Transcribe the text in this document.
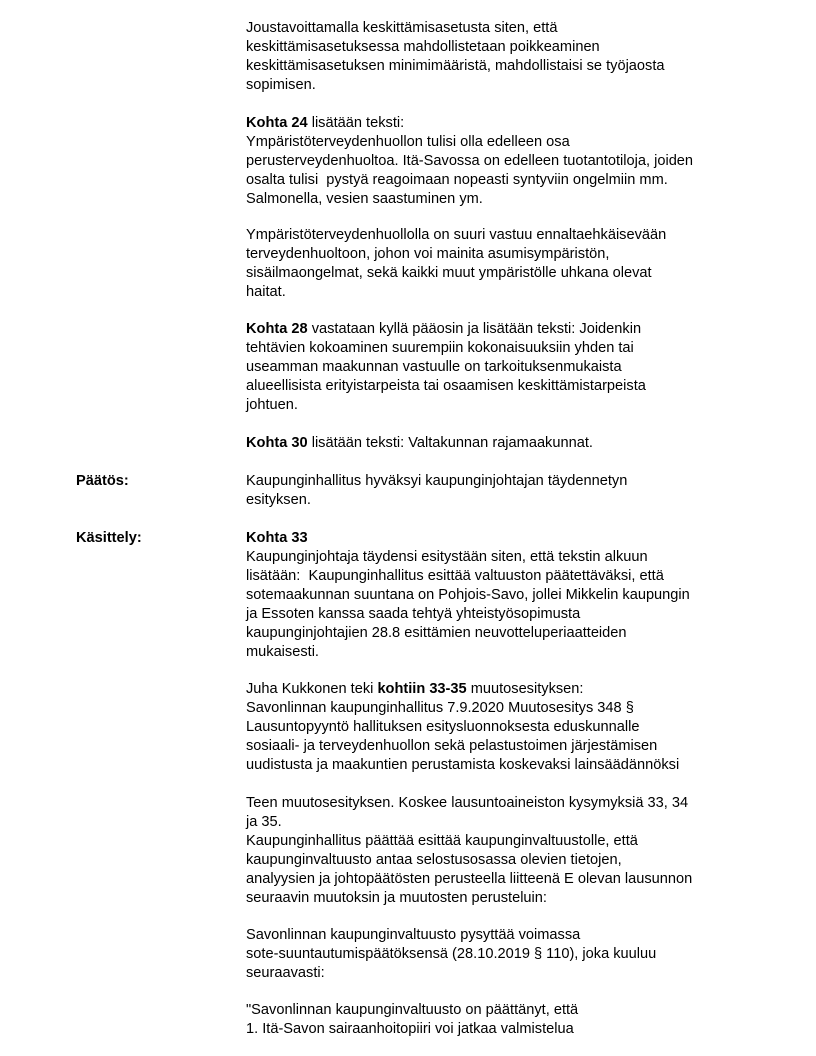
Joustavoittamalla keskittämisasetusta siten, että
keskittämisasetuksessa mahdollistetaan poikkeaminen
keskittämisasetuksen minimimääristä, mahdollistaisi se työjaosta
sopimisen.
Kohta 24 lisätään teksti:
Ympäristöterveydenhuollon tulisi olla edelleen osa
perusterveydenhuoltoa. Itä-Savossa on edelleen tuotantotiloja, joiden
osalta tulisi  pystyä reagoimaan nopeasti syntyviin ongelmiin mm.
Salmonella, vesien saastuminen ym.
Ympäristöterveydenhuollolla on suuri vastuu ennaltaehkäisevään
terveydenhuoltoon, johon voi mainita asumisympäristön,
sisäilmaongelmat, sekä kaikki muut ympäristölle uhkana olevat
haitat.
Kohta 28 vastataan kyllä pääosin ja lisätään teksti: Joidenkin
tehtävien kokoaminen suurempiin kokonaisuuksiin yhden tai
useamman maakunnan vastuulle on tarkoituksenmukaista
alueellisista erityistarpeista tai osaamisen keskittämistarpeista
johtuen.
Kohta 30 lisätään teksti: Valtakunnan rajamaakunnat.
Päätös:	Kaupunginhallitus hyväksyi kaupunginjohtajan täydennetyn
esityksen.
Käsittely:	Kohta 33
Kaupunginjohtaja täydensi esitystään siten, että tekstin alkuun
lisätään:  Kaupunginhallitus esittää valtuuston päätettäväksi, että
sotemaakunnan suuntana on Pohjois-Savo, jollei Mikkelin kaupungin
ja Essoten kanssa saada tehtyä yhteistyösopimusta
kaupunginjohtajien 28.8 esittämien neuvotteluperiaatteiden
mukaisesti.
Juha Kukkonen teki kohtiin 33-35 muutosesityksen:
Savonlinnan kaupunginhallitus 7.9.2020 Muutosesitys 348 §
Lausuntopyyntö hallituksen esitysluonnoksesta eduskunnalle
sosiaali- ja terveydenhuollon sekä pelastustoimen järjestämisen
uudistusta ja maakuntien perustamista koskevaksi lainsäädännöksi
Teen muutosesityksen. Koskee lausuntoaineiston kysymyksiä 33, 34
ja 35.
Kaupunginhallitus päättää esittää kaupunginvaltuustolle, että
kaupunginvaltuusto antaa selostusosassa olevien tietojen,
analyysien ja johtopäätösten perusteella liitteenä E olevan lausunnon
seuraavin muutoksin ja muutosten perusteluin:
Savonlinnan kaupunginvaltuusto pysyttää voimassa
sote-suuntautumispäätöksensä (28.10.2019 § 110), joka kuuluu
seuraavasti:
"Savonlinnan kaupunginvaltuusto on päättänyt, että
1. Itä-Savon sairaanhoitopiiri voi jatkaa valmistelua
